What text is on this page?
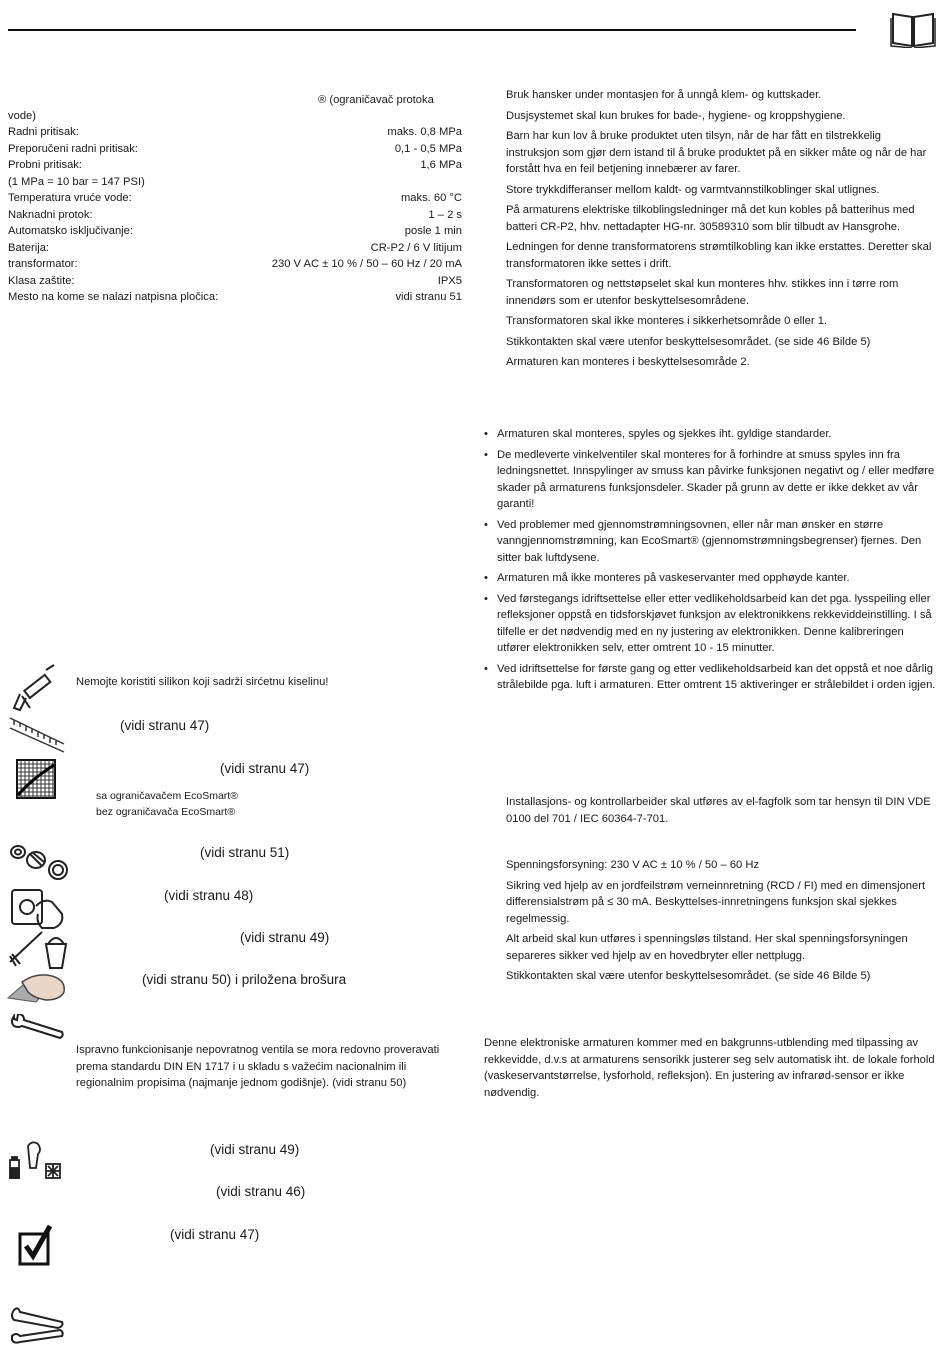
® (ograničavač protoka
vode)
Radni pritisak:	maks. 0,8 MPa
Preporučeni radni pritisak:	0,1 - 0,5 MPa
Probni pritisak:	1,6 MPa
(1 MPa = 10 bar = 147 PSI)
Temperatura vruće vode:	maks. 60 °C
Naknadni protok:	1 – 2 s
Automatsko isključivanje:	posle 1 min
Baterija:	CR-P2 / 6 V litijum
transformator:	230 V AC ± 10 % / 50 – 60 Hz / 20 mA
Klasa zaštite:	IPX5
Mesto na kome se nalazi natpisna pločica:	vidi stranu 51
Nemojte koristiti silikon koji sadrži sirćetnu kiselinu!
(vidi stranu 47)
(vidi stranu 47)
sa ograničavačem EcoSmart®
bez ograničavača EcoSmart®
(vidi stranu 51)
(vidi stranu 48)
(vidi stranu 49)
(vidi stranu 50) i priložena brošura
Ispravno funkcionisanje nepovratnog ventila se mora redovno proveravati prema standardu DIN EN 1717 i u skladu s važećim nacionalnim ili regionalnim propisima (najmanje jednom godišnje). (vidi stranu 50)
(vidi stranu 49)
(vidi stranu 46)
(vidi stranu 47)

Bruk hansker under montasjen for å unngå klem- og kuttskader.

Dusjsystemet skal kun brukes for bade-, hygiene- og kroppshygiene.

Barn har kun lov å bruke produktet uten tilsyn, når de har fått en tilstrekkelig instruksjon som gjør dem istand til å bruke produktet på en sikker måte og når de har forstått hva en feil betjening innebærer av farer.

Store trykkdifferanser mellom kaldt- og varmtvannstilkoblinger skal utlignes.

På armaturens elektriske tilkoblingsledninger må det kun kobles på batterihus med batteri CR-P2, hhv. nettadapter HG-nr. 30589310 som blir tilbudt av Hansgrohe.

Ledningen for denne transformatorens strømtilkobling kan ikke erstattes. Deretter skal transformatoren ikke settes i drift.

Transformatoren og nettstøpselet skal kun monteres hhv. stikkes inn i tørre rom innendørs som er utenfor beskyttelsesområdene.

Transformatoren skal ikke monteres i sikkerhetsområde 0 eller 1.

Stikkontakten skal være utenfor beskyttelsesområdet. (se side 46 Bilde 5)

Armaturen kan monteres i beskyttelsesområde 2.

• Armaturen skal monteres, spyles og sjekkes iht. gyldige standarder.
• De medleverte vinkelventiler skal monteres for å forhindre at smuss spyles inn fra ledningsnettet. Innspylinger av smuss kan påvirke funksjonen negativt og / eller medføre skader på armaturens funksjonsdeler. Skader på grunn av dette er ikke dekket av vår garanti!
• Ved problemer med gjennomstrømningsovnen, eller når man ønsker en større vanngjennomstrømning, kan EcoSmart® (gjennomstrømningsbegrenser) fjernes. Den sitter bak luftdysene.
• Armaturen må ikke monteres på vaskeservanter med opphøyde kanter.
• Ved førstegangs idriftsettelse eller etter vedlikeholdsarbeid kan det pga. lysspeiling eller refleksjoner oppstå en tidsforskjøvet funksjon av elektronikkens rekkeviddeinstilling. I så tilfelle er det nødvendig med en ny justering av elektronikken. Denne kalibreringen utfører elektronikken selv, etter omtrent 10 - 15 minutter.
• Ved idriftsettelse for første gang og etter vedlikeholdsarbeid kan det oppstå et noe dårlig strålebilde pga. luft i armaturen. Etter omtrent 15 aktiveringer er strålebildet i orden igjen.
Installasjons- og kontrollarbeider skal utføres av el-fagfolk som tar hensyn til DIN VDE 0100 del 701 / IEC 60364-7-701.

Spenningsforsyning: 230 V AC ± 10 % / 50 – 60 Hz

Sikring ved hjelp av en jordfeilstrøm verneinnretning (RCD / FI) med en dimensjonert differensialstrøm på ≤ 30 mA. Beskyttelses-innretningens funksjon skal sjekkes regelmessig.

Alt arbeid skal kun utføres i spenningsløs tilstand. Her skal spenningsforsyningen separeres sikker ved hjelp av en hovedbryter eller nettplugg.

Stikkontakten skal være utenfor beskyttelsesområdet. (se side 46 Bilde 5)

Denne elektroniske armaturen kommer med en bakgrunns-utblending med tilpassing av rekkevidde, d.v.s at armaturens sensorikk justerer seg selv automatisk iht. de lokale forhold (vaskeservantstørrelse, lysforhold, refleksjon). En justering av infrarød-sensor er ikke nødvendig.
